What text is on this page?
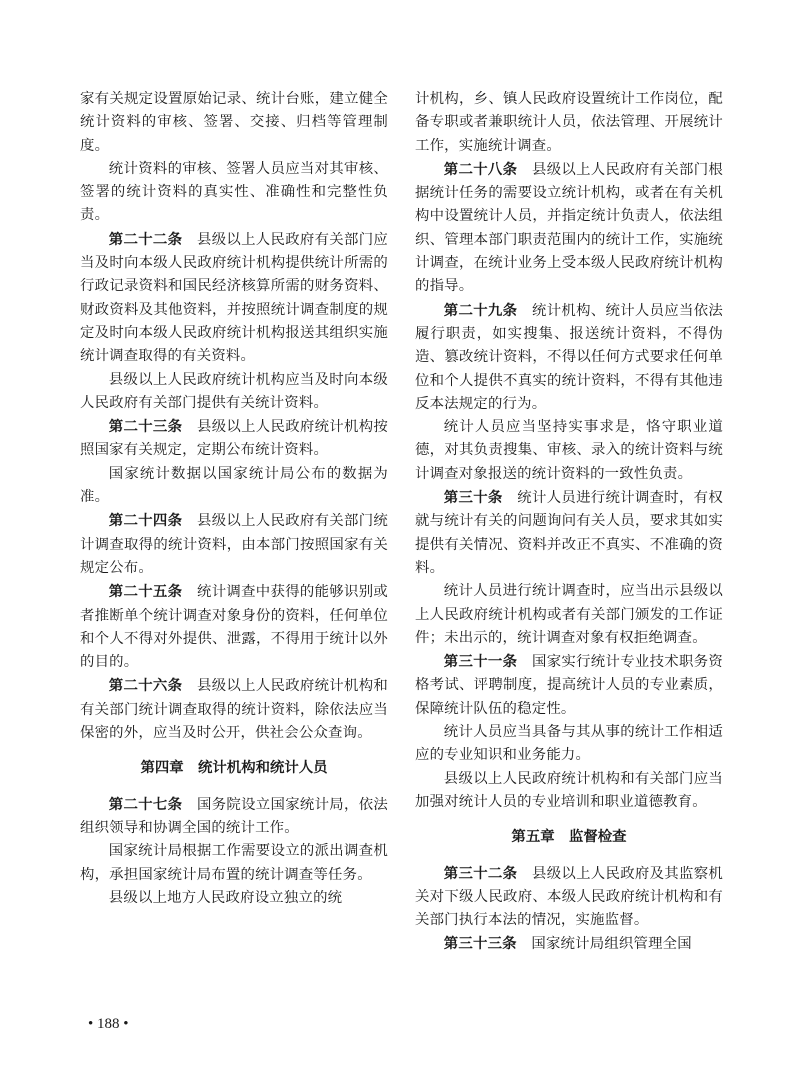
家有关规定设置原始记录、统计台账，建立健全统计资料的审核、签署、交接、归档等管理制度。

统计资料的审核、签署人员应当对其审核、签署的统计资料的真实性、准确性和完整性负责。

第二十二条　 县级以上人民政府有关部门应当及时向本级人民政府统计机构提供统计所需的行政记录资料和国民经济核算所需的财务资料、财政资料及其他资料，并按照统计调查制度的规定及时向本级人民政府统计机构报送其组织实施统计调查取得的有关资料。

县级以上人民政府统计机构应当及时向本级人民政府有关部门提供有关统计资料。

第二十三条　 县级以上人民政府统计机构按照国家有关规定，定期公布统计资料。

国家统计数据以国家统计局公布的数据为准。

第二十四条　 县级以上人民政府有关部门统计调查取得的统计资料，由本部门按照国家有关规定公布。

第二十五条　 统计调查中获得的能够识别或者推断单个统计调查对象身份的资料，任何单位和个人不得对外提供、泄露，不得用于统计以外的目的。

第二十六条　 县级以上人民政府统计机构和有关部门统计调查取得的统计资料，除依法应当保密的外，应当及时公开，供社会公众查询。

第四章　统计机构和统计人员

第二十七条　 国务院设立国家统计局，依法组织领导和协调全国的统计工作。

国家统计局根据工作需要设立的派出调查机构，承担国家统计局布置的统计调查等任务。

县级以上地方人民政府设立独立的统

计机构，乡、镇人民政府设置统计工作岗位，配备专职或者兼职统计人员，依法管理、开展统计工作，实施统计调查。

第二十八条　 县级以上人民政府有关部门根据统计任务的需要设立统计机构，或者在有关机构中设置统计人员，并指定统计负责人，依法组织、管理本部门职责范围内的统计工作，实施统计调查，在统计业务上受本级人民政府统计机构的指导。

第二十九条　 统计机构、统计人员应当依法履行职责，如实搜集、报送统计资料，不得伪造、篡改统计资料，不得以任何方式要求任何单位和个人提供不真实的统计资料，不得有其他违反本法规定的行为。

统计人员应当坚持实事求是，恪守职业道德，对其负责搜集、审核、录入的统计资料与统计调查对象报送的统计资料的一致性负责。

第三十条　 统计人员进行统计调查时，有权就与统计有关的问题询问有关人员，要求其如实提供有关情况、资料并改正不真实、不准确的资料。

统计人员进行统计调查时，应当出示县级以上人民政府统计机构或者有关部门颁发的工作证件；未出示的，统计调查对象有权拒绝调查。

第三十一条　 国家实行统计专业技术职务资格考试、评聘制度，提高统计人员的专业素质，保障统计队伍的稳定性。

统计人员应当具备与其从事的统计工作相适应的专业知识和业务能力。

县级以上人民政府统计机构和有关部门应当加强对统计人员的专业培训和职业道德教育。

第五章　监督检查

第三十二条　 县级以上人民政府及其监察机关对下级人民政府、本级人民政府统计机构和有关部门执行本法的情况，实施监督。

第三十三条　 国家统计局组织管理全国

• 188 •
